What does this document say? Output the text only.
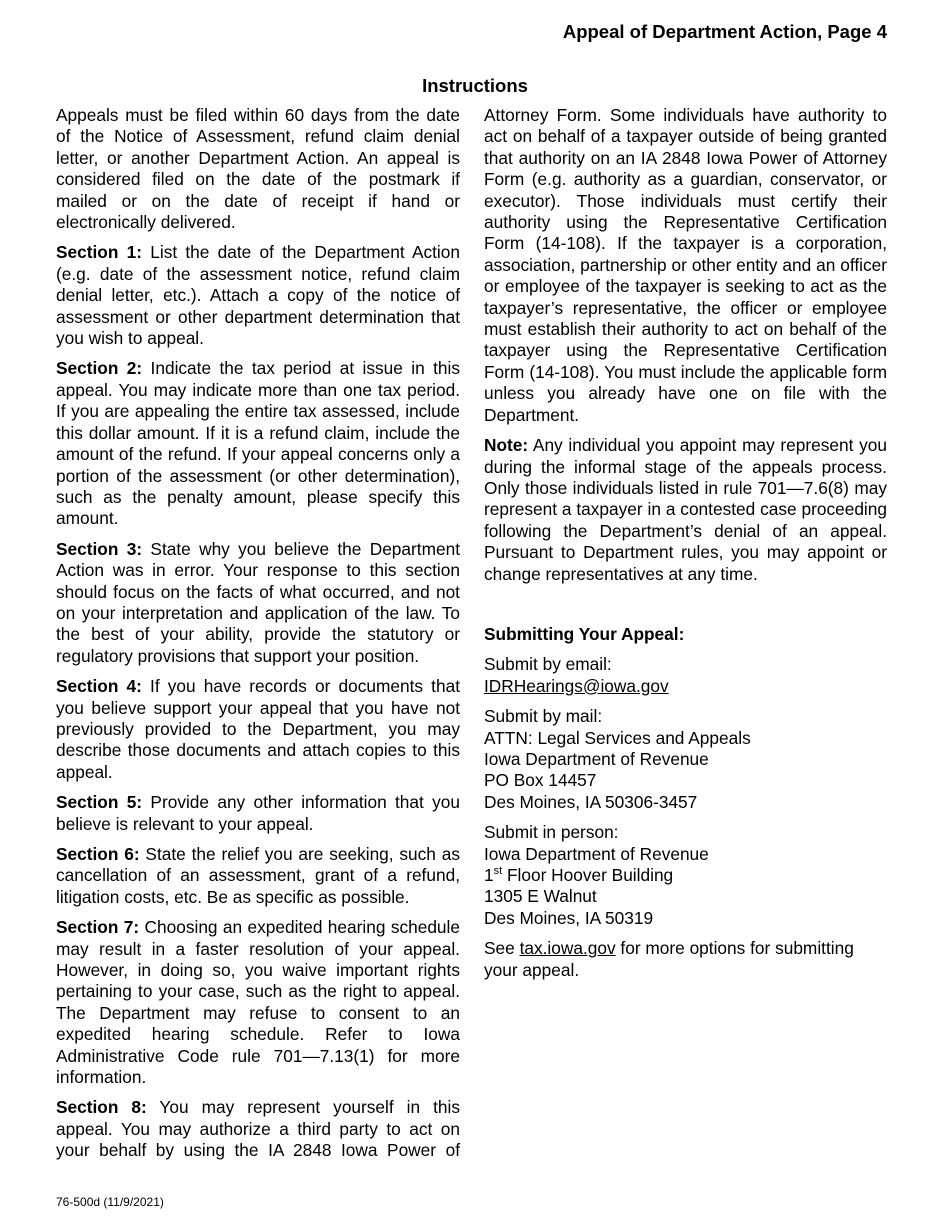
Appeal of Department Action, Page 4
Instructions

Appeals must be filed within 60 days from the date of the Notice of Assessment, refund claim denial letter, or another Department Action. An appeal is considered filed on the date of the postmark if mailed or on the date of receipt if hand or electronically delivered.

Section 1: List the date of the Department Action (e.g. date of the assessment notice, refund claim denial letter, etc.). Attach a copy of the notice of assessment or other department determination that you wish to appeal.

Section 2: Indicate the tax period at issue in this appeal. You may indicate more than one tax period. If you are appealing the entire tax assessed, include this dollar amount. If it is a refund claim, include the amount of the refund. If your appeal concerns only a portion of the assessment (or other determination), such as the penalty amount, please specify this amount.

Section 3: State why you believe the Department Action was in error. Your response to this section should focus on the facts of what occurred, and not on your interpretation and application of the law. To the best of your ability, provide the statutory or regulatory provisions that support your position.

Section 4: If you have records or documents that you believe support your appeal that you have not previously provided to the Department, you may describe those documents and attach copies to this appeal.

Section 5: Provide any other information that you believe is relevant to your appeal.

Section 6: State the relief you are seeking, such as cancellation of an assessment, grant of a refund, litigation costs, etc. Be as specific as possible.

Section 7: Choosing an expedited hearing schedule may result in a faster resolution of your appeal. However, in doing so, you waive important rights pertaining to your case, such as the right to appeal. The Department may refuse to consent to an expedited hearing schedule. Refer to Iowa Administrative Code rule 701—7.13(1) for more information.

Section 8: You may represent yourself in this appeal. You may authorize a third party to act on your behalf by using the IA 2848 Iowa Power of

Attorney Form. Some individuals have authority to act on behalf of a taxpayer outside of being granted that authority on an IA 2848 Iowa Power of Attorney Form (e.g. authority as a guardian, conservator, or executor). Those individuals must certify their authority using the Representative Certification Form (14-108). If the taxpayer is a corporation, association, partnership or other entity and an officer or employee of the taxpayer is seeking to act as the taxpayer’s representative, the officer or employee must establish their authority to act on behalf of the taxpayer using the Representative Certification Form (14-108). You must include the applicable form unless you already have one on file with the Department.

Note: Any individual you appoint may represent you during the informal stage of the appeals process. Only those individuals listed in rule 701—7.6(8) may represent a taxpayer in a contested case proceeding following the Department’s denial of an appeal. Pursuant to Department rules, you may appoint or change representatives at any time.

Submitting Your Appeal:

Submit by email:
IDRHearings@iowa.gov
Submit by mail:
ATTN: Legal Services and Appeals
Iowa Department of Revenue
PO Box 14457
Des Moines, IA 50306-3457
Submit in person:
Iowa Department of Revenue
1st Floor Hoover Building
1305 E Walnut
Des Moines, IA 50319
See tax.iowa.gov for more options for submitting your appeal.
76-500d (11/9/2021)
